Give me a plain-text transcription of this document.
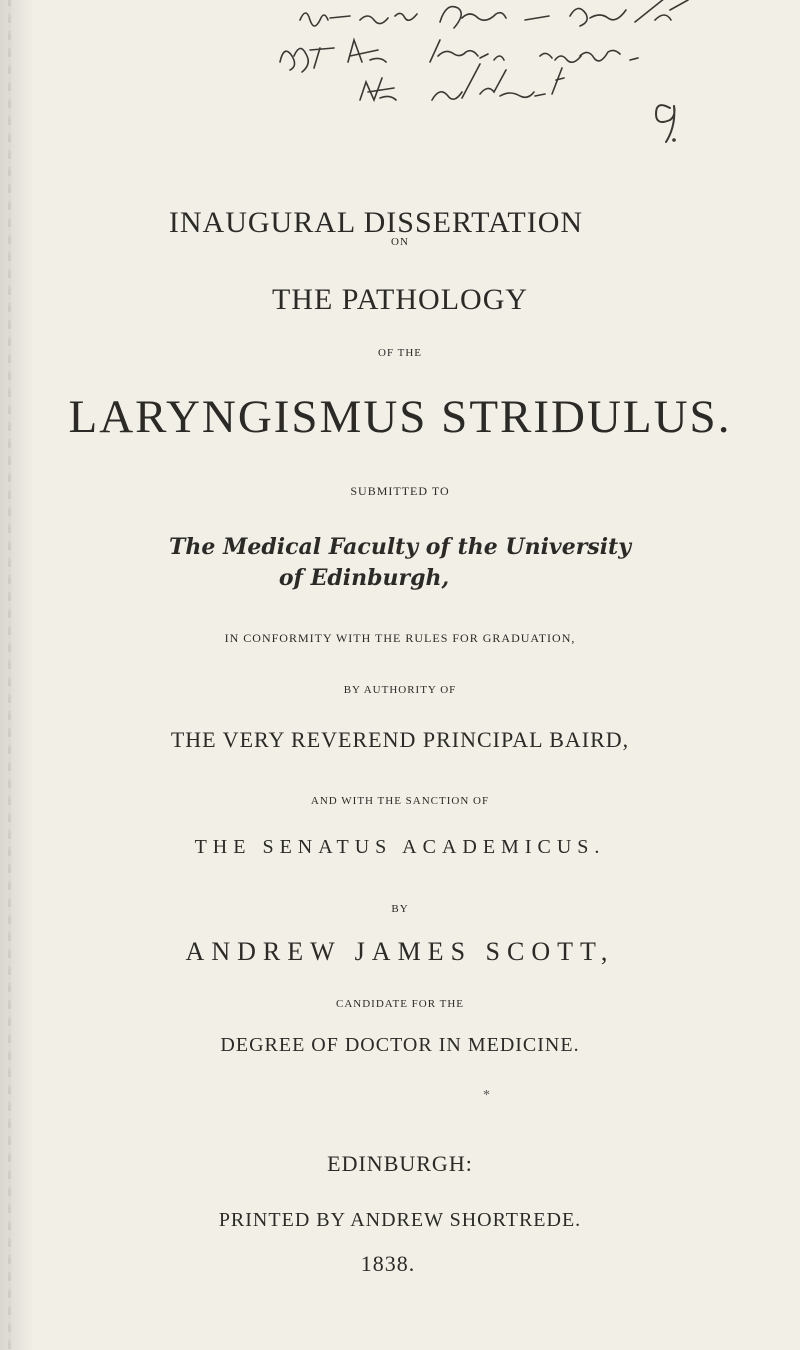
INAUGURAL DISSERTATION
ON
THE PATHOLOGY
OF THE
LARYNGISMUS STRIDULUS.
SUBMITTED TO
The Medical Faculty of the University
of Edinburgh,
IN CONFORMITY WITH THE RULES FOR GRADUATION,
BY AUTHORITY OF
THE VERY REVEREND PRINCIPAL BAIRD,
AND WITH THE SANCTION OF
THE SENATUS ACADEMICUS.
BY
ANDREW JAMES SCOTT,
CANDIDATE FOR THE
DEGREE OF DOCTOR IN MEDICINE.
*
EDINBURGH:
PRINTED BY ANDREW SHORTREDE.
1838.
